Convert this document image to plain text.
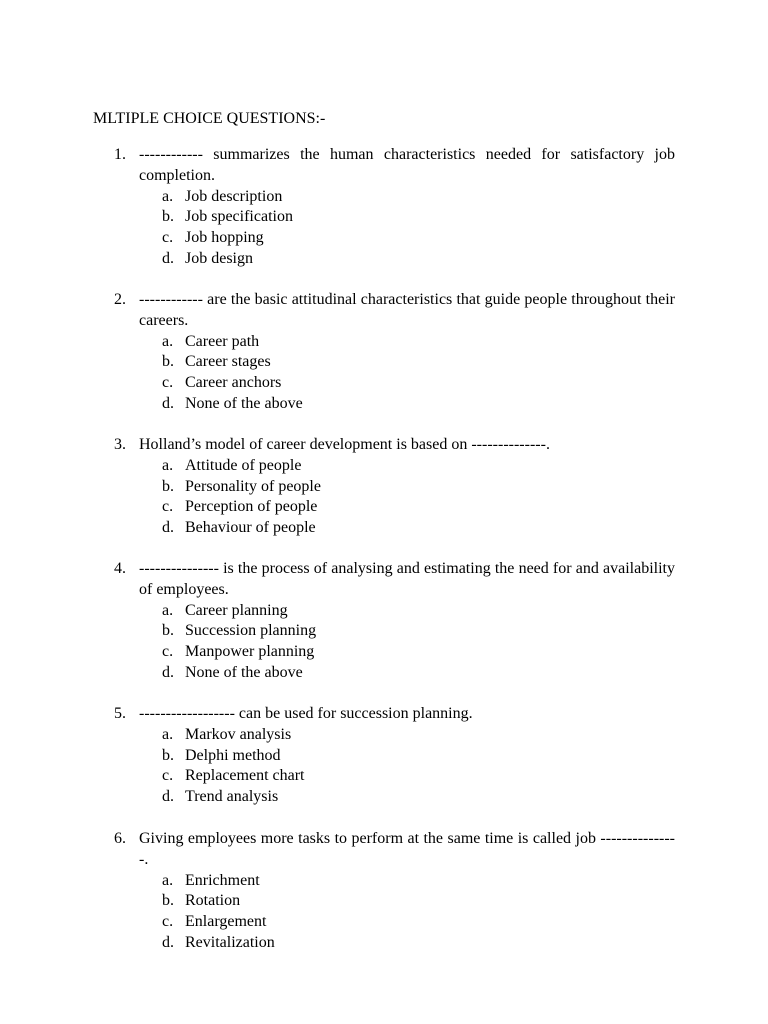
MLTIPLE CHOICE QUESTIONS:-
1. ------------ summarizes the human characteristics needed for satisfactory job completion.
a. Job description
b. Job specification
c. Job hopping
d. Job design
2. ------------ are the basic attitudinal characteristics that guide people throughout their careers.
a. Career path
b. Career stages
c. Career anchors
d. None of the above
3. Holland’s model of career development is based on --------------.
a. Attitude of people
b. Personality of people
c. Perception of people
d. Behaviour of people
4. --------------- is the process of analysing and estimating the need for and availability of employees.
a. Career planning
b. Succession planning
c. Manpower planning
d. None of the above
5. ------------------ can be used for succession planning.
a. Markov analysis
b. Delphi method
c. Replacement chart
d. Trend analysis
6. Giving employees more tasks to perform at the same time is called job ---------------.
a. Enrichment
b. Rotation
c. Enlargement
d. Revitalization
